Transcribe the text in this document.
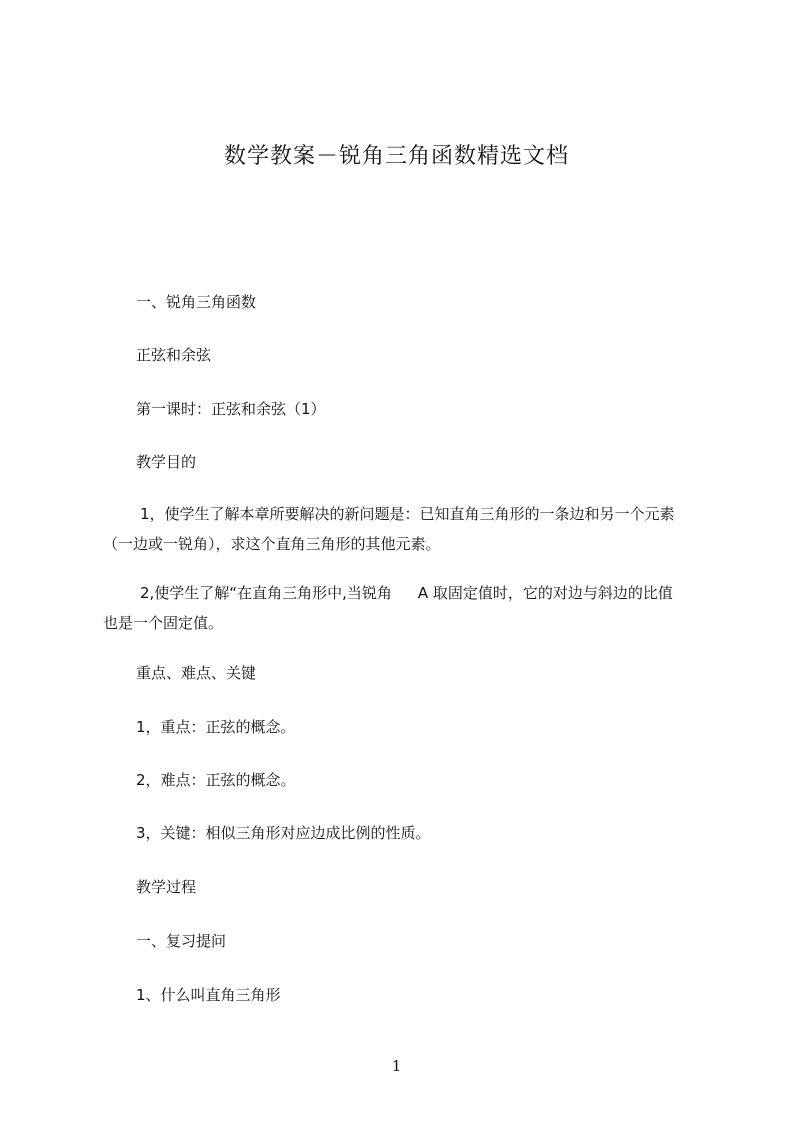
数学教案－锐角三角函数精选文档
一、锐角三角函数
正弦和余弦
第一课时：正弦和余弦（1）
教学目的
1，使学生了解本章所要解决的新问题是：已知直角三角形的一条边和另一个元素
（一边或一锐角），求这个直角三角形的其他元素。
2,使学生了解“在直角三角形中,当锐角 A 取固定值时，它的对边与斜边的比值
也是一个固定值。
重点、难点、关键
1，重点：正弦的概念。
2，难点：正弦的概念。
3，关键：相似三角形对应边成比例的性质。
教学过程
一、复习提问
1、什么叫直角三角形
1
